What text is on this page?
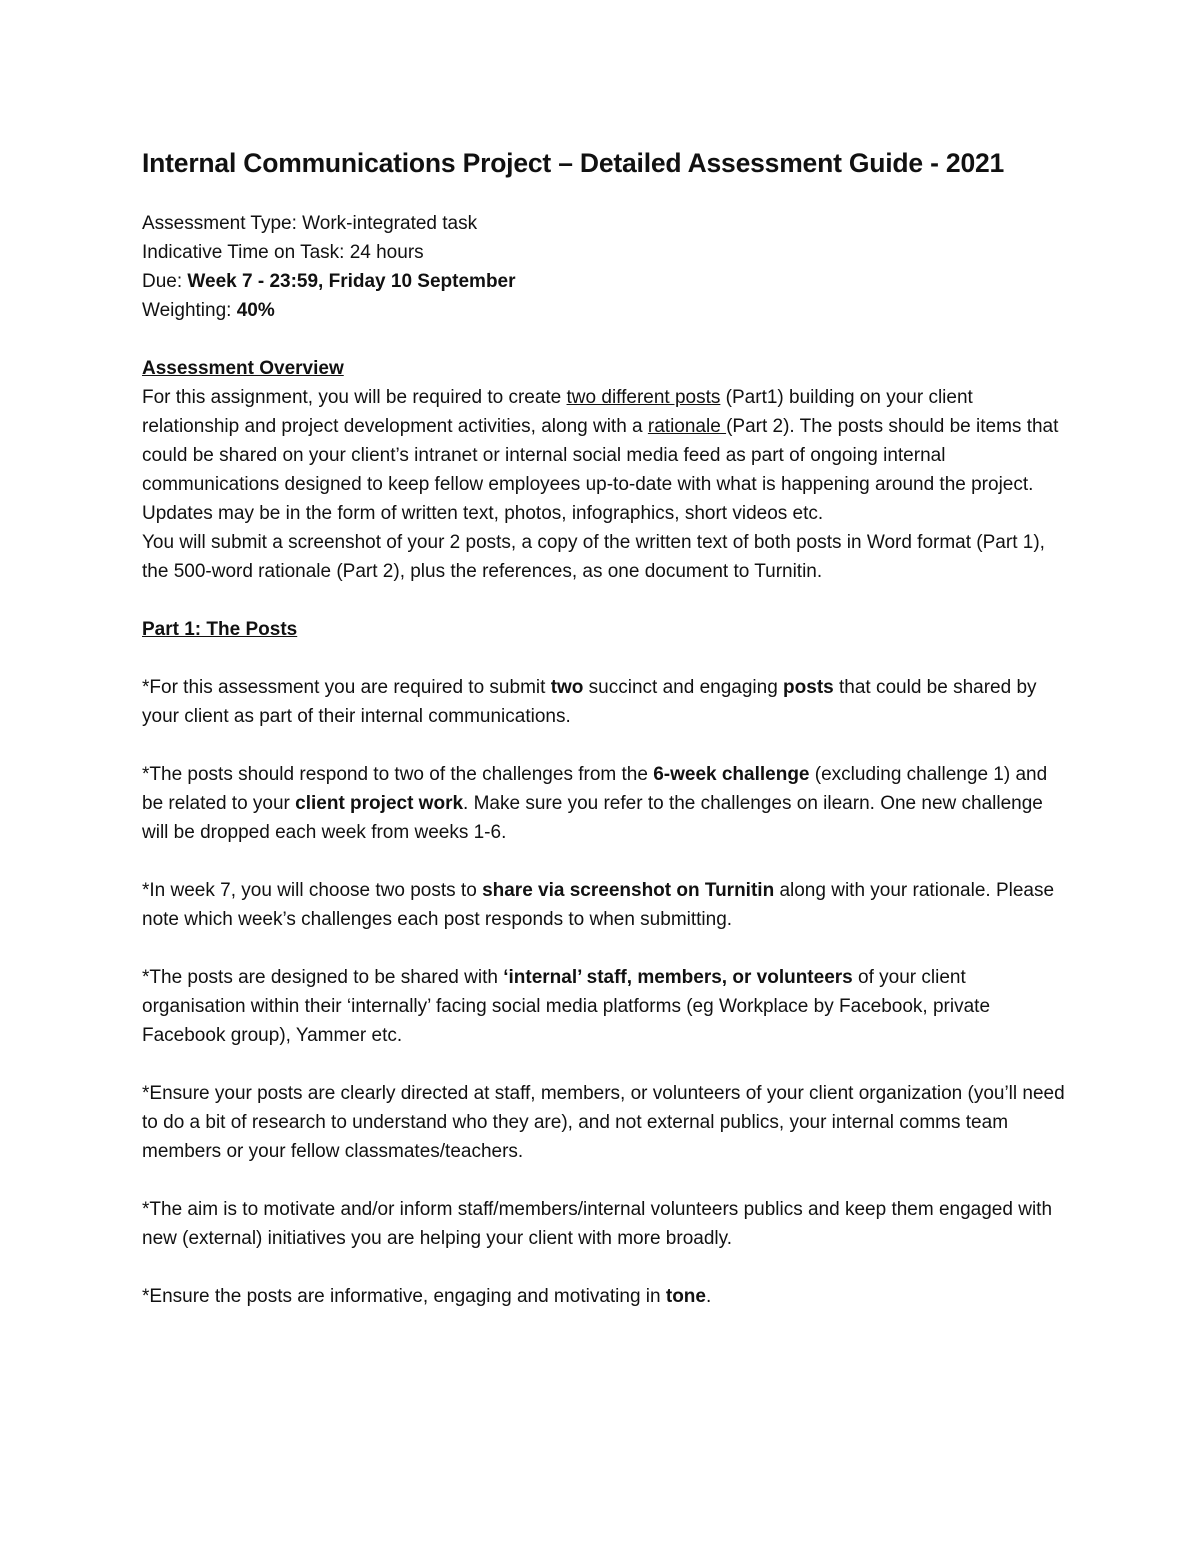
Internal Communications Project – Detailed Assessment Guide - 2021
Assessment Type: Work-integrated task
Indicative Time on Task: 24 hours
Due: Week 7 - 23:59, Friday 10 September
Weighting: 40%
Assessment Overview

For this assignment, you will be required to create two different posts (Part1) building on your client relationship and project development activities, along with a rationale (Part 2). The posts should be items that could be shared on your client’s intranet or internal social media feed as part of ongoing internal communications designed to keep fellow employees up-to-date with what is happening around the project. Updates may be in the form of written text, photos, infographics, short videos etc.

You will submit a screenshot of your 2 posts, a copy of the written text of both posts in Word format (Part 1), the 500-word rationale (Part 2), plus the references, as one document to Turnitin.

Part 1: The Posts

*For this assessment you are required to submit two succinct and engaging posts that could be shared by your client as part of their internal communications.

*The posts should respond to two of the challenges from the 6-week challenge (excluding challenge 1) and be related to your client project work. Make sure you refer to the challenges on ilearn. One new challenge will be dropped each week from weeks 1-6.

*In week 7, you will choose two posts to share via screenshot on Turnitin along with your rationale. Please note which week’s challenges each post responds to when submitting.

*The posts are designed to be shared with ‘internal’ staff, members, or volunteers of your client organisation within their ‘internally’ facing social media platforms (eg Workplace by Facebook, private Facebook group), Yammer etc.

*Ensure your posts are clearly directed at staff, members, or volunteers of your client organization (you’ll need to do a bit of research to understand who they are), and not external publics, your internal comms team members or your fellow classmates/teachers.

*The aim is to motivate and/or inform staff/members/internal volunteers publics and keep them engaged with new (external) initiatives you are helping your client with more broadly.

*Ensure the posts are informative, engaging and motivating in tone.
